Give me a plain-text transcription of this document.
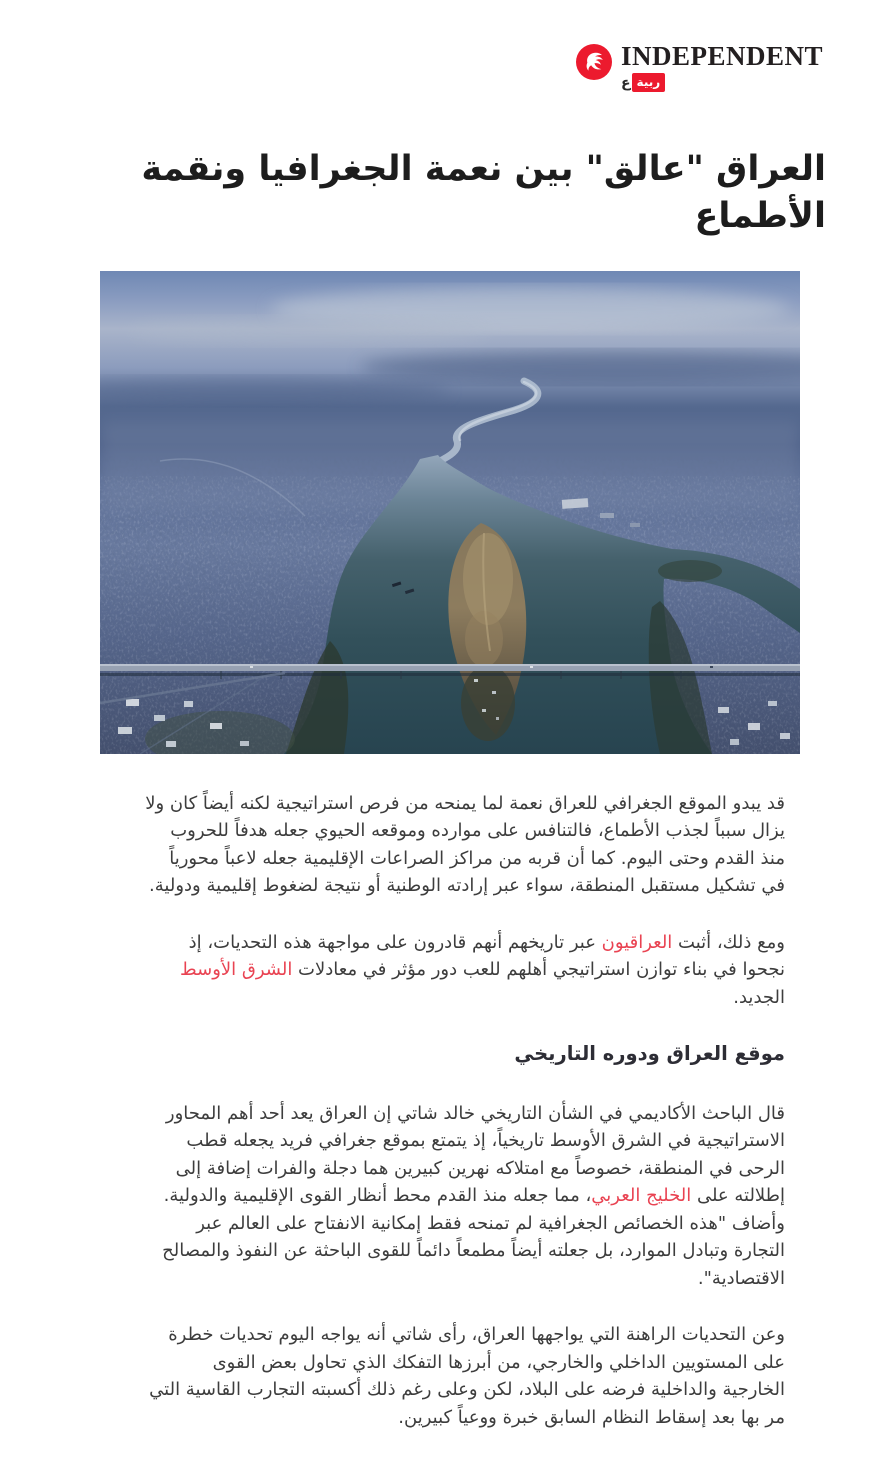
INDEPENDENT
ع ربية
العراق "عالق" بين نعمة الجغرافيا ونقمة الأطماع

قد يبدو الموقع الجغرافي للعراق نعمة لما يمنحه من فرص استراتيجية لكنه أيضاً كان ولا يزال سبباً لجذب الأطماع، فالتنافس على موارده وموقعه الحيوي جعله هدفاً للحروب منذ القدم وحتى اليوم. كما أن قربه من مراكز الصراعات الإقليمية جعله لاعباً محورياً في تشكيل مستقبل المنطقة، سواء عبر إرادته الوطنية أو نتيجة لضغوط إقليمية ودولية.

ومع ذلك، أثبت العراقيون عبر تاريخهم أنهم قادرون على مواجهة هذه التحديات، إذ نجحوا في بناء توازن استراتيجي أهلهم للعب دور مؤثر في معادلات الشرق الأوسط الجديد.

موقع العراق ودوره التاريخي

قال الباحث الأكاديمي في الشأن التاريخي خالد شاتي إن العراق يعد أحد أهم المحاور الاستراتيجية في الشرق الأوسط تاريخياً، إذ يتمتع بموقع جغرافي فريد يجعله قطب الرحى في المنطقة، خصوصاً مع امتلاكه نهرين كبيرين هما دجلة والفرات إضافة إلى إطلالته على الخليج العربي، مما جعله منذ القدم محط أنظار القوى الإقليمية والدولية. وأضاف "هذه الخصائص الجغرافية لم تمنحه فقط إمكانية الانفتاح على العالم عبر التجارة وتبادل الموارد، بل جعلته أيضاً مطمعاً دائماً للقوى الباحثة عن النفوذ والمصالح الاقتصادية".

وعن التحديات الراهنة التي يواجهها العراق، رأى شاتي أنه يواجه اليوم تحديات خطرة على المستويين الداخلي والخارجي، من أبرزها التفكك الذي تحاول بعض القوى الخارجية والداخلية فرضه على البلاد، لكن وعلى رغم ذلك أكسبته التجارب القاسية التي مر بها بعد إسقاط النظام السابق خبرة ووعياً كبيرين.
